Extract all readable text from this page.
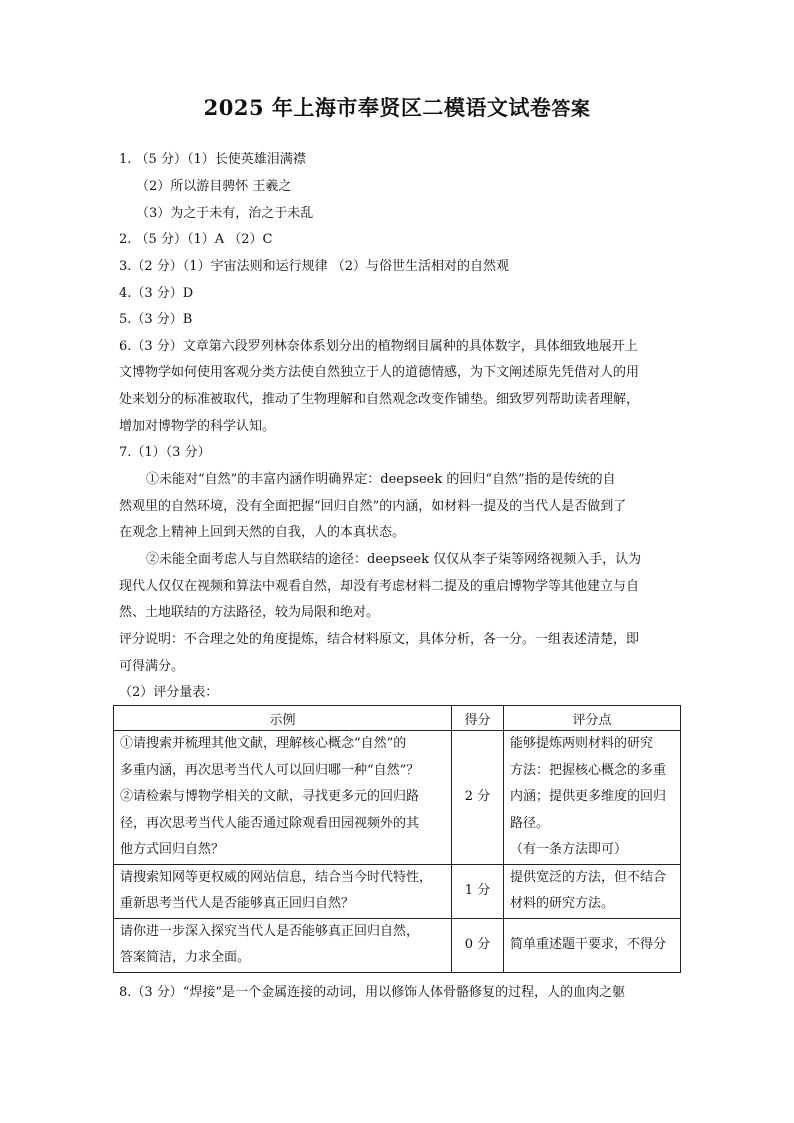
2025 年上海市奉贤区二模语文试卷答案
1. （5 分）（1）长使英雄泪满襟
（2）所以游目骋怀 王羲之
（3）为之于未有，治之于未乱
2. （5 分）（1）A （2）C
3.（2 分）（1）宇宙法则和运行规律 （2）与俗世生活相对的自然观
4.（3 分）D
5.（3 分）B
6.（3 分）文章第六段罗列林奈体系划分出的植物纲目属种的具体数字，具体细致地展开上
文博物学如何使用客观分类方法使自然独立于人的道德情感，为下文阐述原先凭借对人的用
处来划分的标准被取代，推动了生物理解和自然观念改变作铺垫。细致罗列帮助读者理解，
增加对博物学的科学认知。
7.（1）（3 分）
①未能对“自然”的丰富内涵作明确界定：deepseek 的回归“自然”指的是传统的自
然观里的自然环境，没有全面把握“回归自然”的内涵，如材料一提及的当代人是否做到了
在观念上精神上回到天然的自我，人的本真状态。
②未能全面考虑人与自然联结的途径：deepseek 仅仅从李子柒等网络视频入手，认为
现代人仅仅在视频和算法中观看自然，却没有考虑材料二提及的重启博物学等其他建立与自
然、土地联结的方法路径，较为局限和绝对。
评分说明：不合理之处的角度提炼，结合材料原文，具体分析，各一分。一组表述清楚，即
可得满分。
（2）评分量表：
示例	得分	评分点

①请搜索并梳理其他文献，理解核心概念“自然”的
多重内涵，再次思考当代人可以回归哪一种“自然”？
②请检索与博物学相关的文献，寻找更多元的回归路
径，再次思考当代人能否通过除观看田园视频外的其
他方式回归自然？	2 分	能够提炼两则材料的研究
方法：把握核心概念的多重
内涵；提供更多维度的回归
路径。
（有一条方法即可）

请搜索知网等更权威的网站信息，结合当今时代特性，
重新思考当代人是否能够真正回归自然？	1 分	提供宽泛的方法，但不结合
材料的研究方法。

请你进一步深入探究当代人是否能够真正回归自然，
答案简洁，力求全面。	0 分	简单重述题干要求，不得分
8.（3 分）“焊接”是一个金属连接的动词，用以修饰人体骨骼修复的过程，人的血肉之躯
